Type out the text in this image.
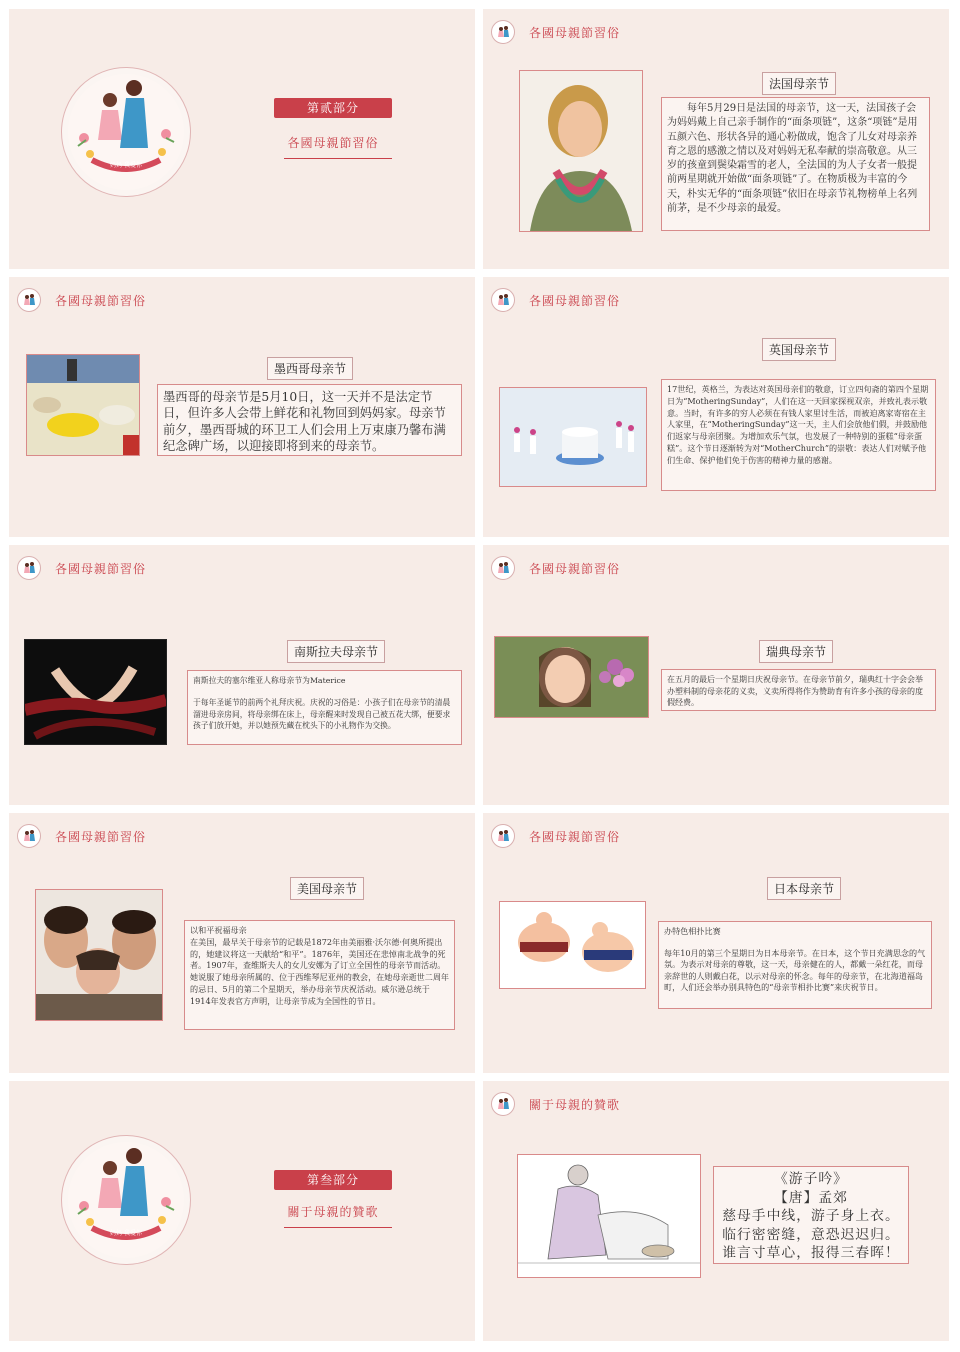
妈妈 我爱你
第贰部分
各國母親節習俗
各國母親節習俗
法国母亲节
每年5月29日是法国的母亲节，这一天，法国孩子会为妈妈戴上自己亲手制作的“面条项链”，这条“项链”是用五颜六色、形状各异的通心粉做成，饱含了儿女对母亲养育之恩的感激之情以及对妈妈无私奉献的崇高敬意。从三岁的孩童到鬓染霜雪的老人，全法国的为人子女者一般提前两星期就开始做“面条项链”了。在物质极为丰富的今天，朴实无华的“面条项链”依旧在母亲节礼物榜单上名列前茅，是不少母亲的最爱。
各國母親節習俗
墨西哥母亲节
墨西哥的母亲节是5月10日，这一天并不是法定节日，但许多人会带上鲜花和礼物回到妈妈家。母亲节前夕，墨西哥城的环卫工人们会用上万束康乃馨布满纪念碑广场，以迎接即将到来的母亲节。
各國母親節習俗
英国母亲节
17世纪，英格兰，为表达对英国母亲们的敬意，订立四旬斋的第四个星期日为“MotheringSunday”，人们在这一天回家探视双亲，并致礼表示敬意。当时，有许多的穷人必须在有钱人家里讨生活，而被迫离家寄宿在主人家里，在“MotheringSunday”这一天，主人们会放他们假，并鼓励他们返家与母亲团聚。为增加欢乐气氛，也发展了一种特别的蛋糕“母亲蛋糕”。这个节日逐渐转为对“MotherChurch”的崇敬：表达人们对赋予他们生命、保护他们免于伤害的精神力量的感谢。
各國母親節習俗
南斯拉夫母亲节
南斯拉夫的塞尔维亚人称母亲节为Materice
于每年圣诞节的前两个礼拜庆祝。庆祝的习俗是：小孩子们在母亲节的清晨溜进母亲房间，将母亲绑在床上，母亲醒来时发现自己被五花大绑，便要求孩子们放开她，并以她预先藏在枕头下的小礼物作为交换。
各國母親節習俗
瑞典母亲节
在五月的最后一个星期日庆祝母亲节。在母亲节前夕，瑞典红十字会会举办塑料制的母亲花的义卖，义卖所得将作为赞助育有许多小孩的母亲的度假经费。
各國母親節習俗
美国母亲节
以和平祝福母亲
在美国，最早关于母亲节的记载是1872年由美丽雅·沃尔德·何奥所提出的，她建议将这一天献给“和平”。1876年，美国还在悲悼南北战争的死者。1907年，查维斯夫人的女儿安娜为了订立全国性的母亲节而活动。她说服了她母亲所属的、位于西维琴尼亚州的教会，在她母亲逝世二周年的忌日、5月的第二个星期天，举办母亲节庆祝活动。威尔逊总统于1914年发表官方声明，让母亲节成为全国性的节日。
各國母親節習俗
日本母亲节
办特色相扑比赛
每年10月的第三个星期日为日本母亲节。在日本，这个节日充满思念的气氛。为表示对母亲的尊敬，这一天，母亲健在的人，都戴一朵红花，而母亲辞世的人则戴白花，以示对母亲的怀念。每年的母亲节，在北海道福岛町，人们还会举办别具特色的“母亲节相扑比赛”来庆祝节日。
妈妈 我爱你
第叁部分
關于母親的贊歌
關于母親的贊歌
《游子吟》
【唐】孟郊
慈母手中线，游子身上衣。
临行密密缝，意恐迟迟归。
谁言寸草心，报得三春晖！
